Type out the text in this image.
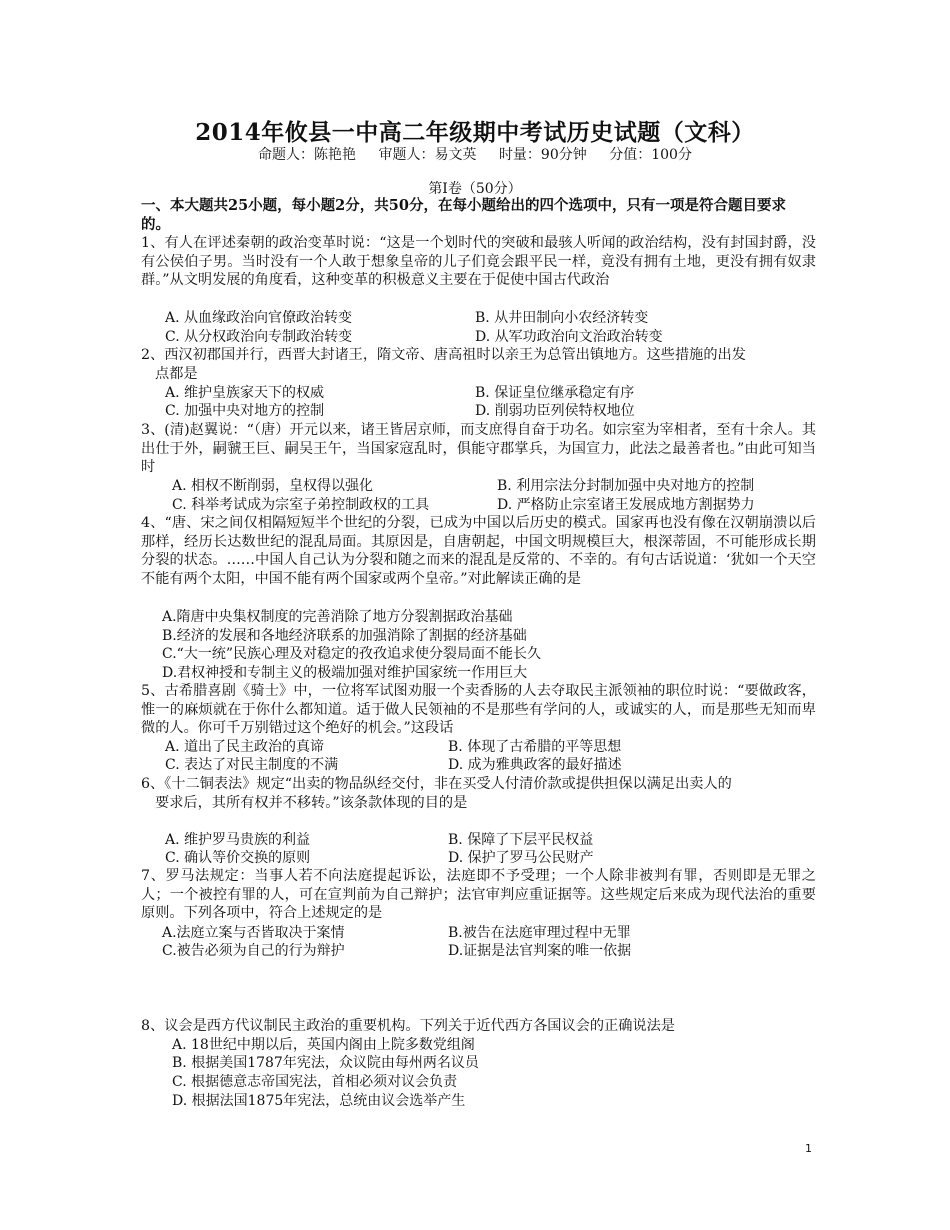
2014年攸县一中高二年级期中考试历史试题（文科）
命题人：陈艳艳 审题人：易文英 时量：90分钟 分值：100分
第Ⅰ卷（50分）
一、本大题共25小题，每小题2分，共50分，在每小题给出的四个选项中，只有一项是符合题目要求的。

1、有人在评述秦朝的政治变革时说：“这是一个划时代的突破和最骇人听闻的政治结构，没有封国封爵，没有公侯伯子男。当时没有一个人敢于想象皇帝的儿子们竟会跟平民一样，竟没有拥有土地，更没有拥有奴隶群。”从文明发展的角度看，这种变革的积极意义主要在于促使中国古代政治

A. 从血缘政治向官僚政治转变	B. 从井田制向小农经济转变
C. 从分权政治向专制政治转变	D. 从军功政治向文治政治转变

2、西汉初郡国并行，西晋大封诸王，隋文帝、唐高祖时以亲王为总管出镇地方。这些措施的出发

点都是

A. 维护皇族家天下的权威	B. 保证皇位继承稳定有序
C. 加强中央对地方的控制	D. 削弱功臣列侯特权地位

3、(清)赵翼说：“（唐）开元以来，诸王皆居京师，而支庶得自奋于功名。如宗室为宰相者，至有十余人。其出仕于外，嗣虢王巨、嗣吴王午，当国家寇乱时，俱能守郡掌兵，为国宣力，此法之最善者也。”由此可知当时

A. 相权不断削弱，皇权得以强化	B. 利用宗法分封制加强中央对地方的控制
C. 科举考试成为宗室子弟控制政权的工具	D. 严格防止宗室诸王发展成地方割据势力

4、“唐、宋之间仅相隔短短半个世纪的分裂，已成为中国以后历史的模式。国家再也没有像在汉朝崩溃以后那样，经历长达数世纪的混乱局面。其原因是，自唐朝起，中国文明规模巨大，根深蒂固，不可能形成长期分裂的状态。……中国人自己认为分裂和随之而来的混乱是反常的、不幸的。有句古话说道：‘犹如一个天空不能有两个太阳，中国不能有两个国家或两个皇帝。”对此解读正确的是

A.隋唐中央集权制度的完善消除了地方分裂割据政治基础
B.经济的发展和各地经济联系的加强消除了割据的经济基础
C.“大一统”民族心理及对稳定的孜孜追求使分裂局面不能长久
D.君权神授和专制主义的极端加强对维护国家统一作用巨大

5、古希腊喜剧《骑士》中，一位将军试图劝服一个卖香肠的人去夺取民主派领袖的职位时说：“要做政客，惟一的麻烦就在于你什么都知道。适于做人民领袖的不是那些有学问的人，或诚实的人，而是那些无知而卑微的人。你可千万别错过这个绝好的机会。”这段话

A. 道出了民主政治的真谛	B. 体现了古希腊的平等思想
C. 表达了对民主制度的不满	D. 成为雅典政客的最好描述

6、《十二铜表法》规定“出卖的物品纵经交付，非在买受人付清价款或提供担保以满足出卖人的

要求后，其所有权并不移转。”该条款体现的目的是

A. 维护罗马贵族的利益	B. 保障了下层平民权益
C. 确认等价交换的原则	D. 保护了罗马公民财产

7、罗马法规定：当事人若不向法庭提起诉讼，法庭即不予受理；一个人除非被判有罪，否则即是无罪之人；一个被控有罪的人，可在宣判前为自己辩护；法官审判应重证据等。这些规定后来成为现代法治的重要原则。下列各项中，符合上述规定的是

A.法庭立案与否皆取决于案情	B.被告在法庭审理过程中无罪
C.被告必须为自己的行为辩护	D.证据是法官判案的唯一依据

8、议会是西方代议制民主政治的重要机构。下列关于近代西方各国议会的正确说法是

A. 18世纪中期以后，英国内阁由上院多数党组阁
B. 根据美国1787年宪法，众议院由每州两名议员
C. 根据德意志帝国宪法，首相必须对议会负责
D. 根据法国1875年宪法，总统由议会选举产生
1
